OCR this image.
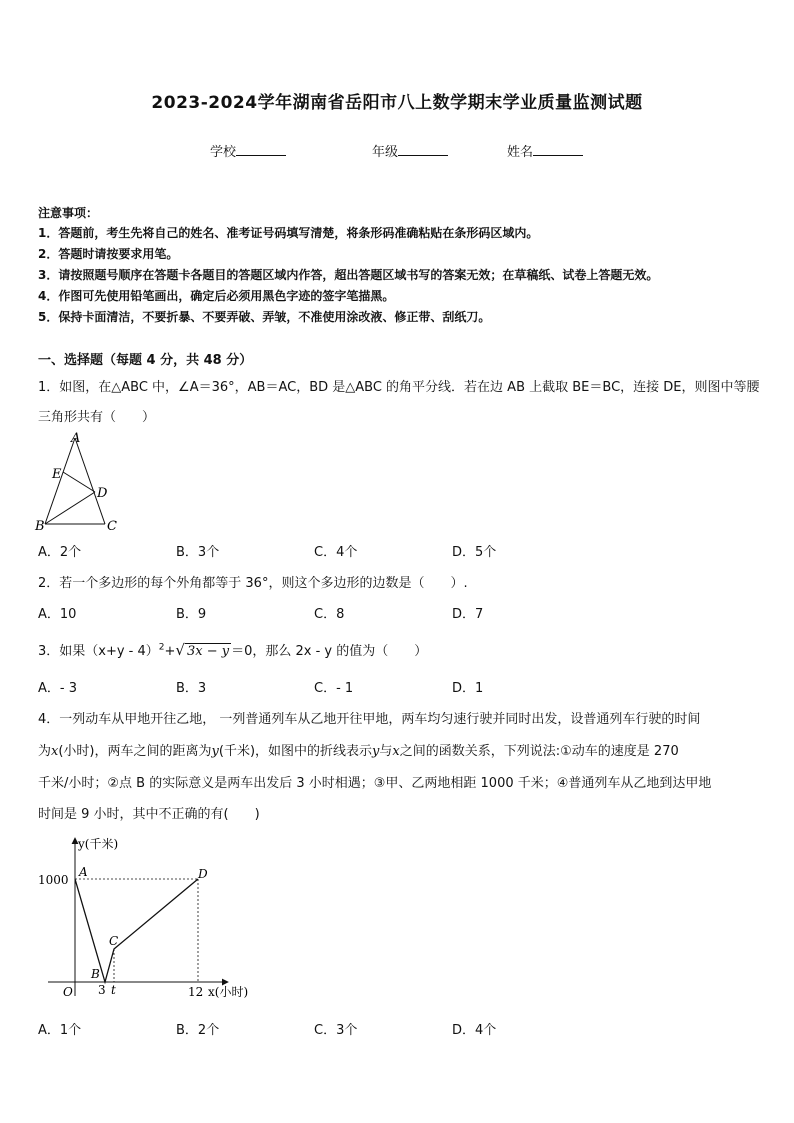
2023-2024学年湖南省岳阳市八上数学期末学业质量监测试题
学校	年级	姓名
注意事项：
1．答题前，考生先将自己的姓名、准考证号码填写清楚，将条形码准确粘贴在条形码区域内。
2．答题时请按要求用笔。
3．请按照题号顺序在答题卡各题目的答题区域内作答，超出答题区域书写的答案无效；在草稿纸、试卷上答题无效。
4．作图可先使用铅笔画出，确定后必须用黑色字迹的签字笔描黑。
5．保持卡面清洁，不要折暴、不要弄破、弄皱，不准使用涂改液、修正带、刮纸刀。
一、选择题（每题 4 分，共 48 分）
1．如图，在△ABC 中，∠A＝36°，AB＝AC，BD 是△ABC 的角平分线．若在边 AB 上截取 BE＝BC，连接 DE，则图中等腰
三角形共有（　　）
A
E
D
B	C
A．2个	B．3个	C．4个	D．5个
2．若一个多边形的每个外角都等于 36°，则这个多边形的边数是（　　）.
A．10	B．9	C．8	D．7
3．如果$(x+y - 4)^2+√$ 3x − y ＝0，那么 2x - y 的值为（　　）
A．- 3	B．3	C．- 1	D．1
4．一列动车从甲地开往乙地， 一列普通列车从乙地开往甲地，两车均匀速行驶并同时出发，设普通列车行驶的时间
为x(小时)，两车之间的距离为y(千米)，如图中的折线表示y与x之间的函数关系，下列说法:①动车的速度是 270
千米/小时；②点 B 的实际意义是两车出发后 3 小时相遇；③甲、乙两地相距 1000 千米；④普通列车从乙地到达甲地
时间是 9 小时，其中不正确的有(　　)
y(千米)
1000
A	D
C
B
O 3 t	12 x(小时)
A．1个	B．2个	C．3个	D．4个
